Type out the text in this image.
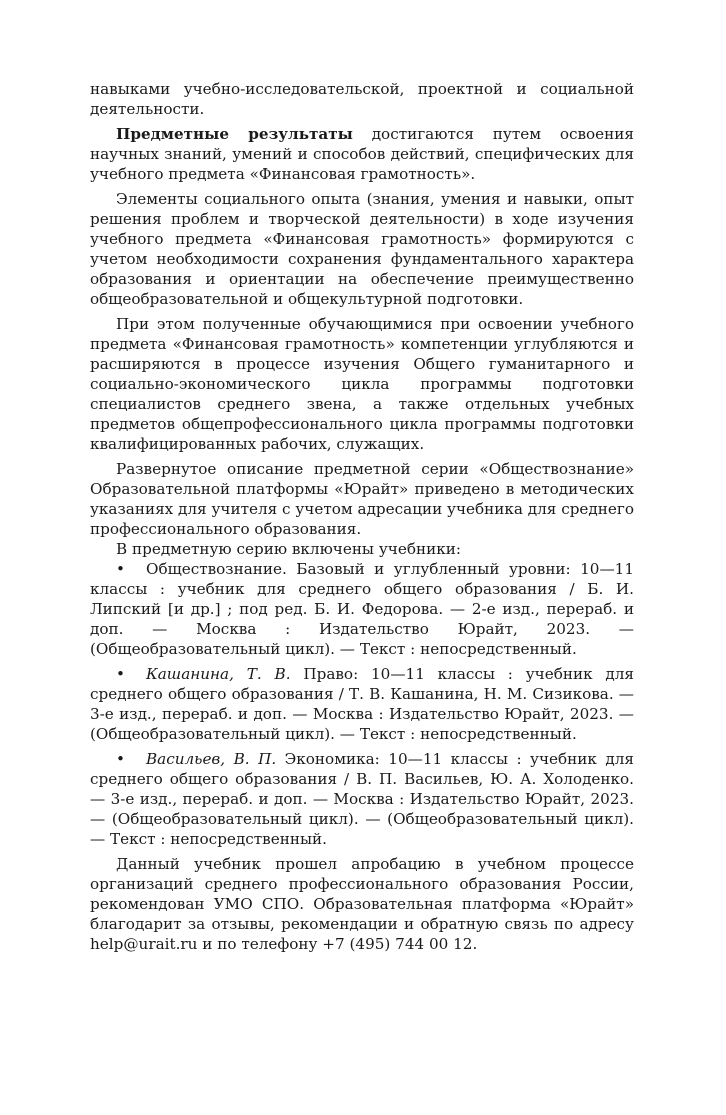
навыками учебно-исследовательской, проектной и социальной деятельности.

Предметные результаты достигаются путем освоения научных знаний, умений и способов действий, специфических для учебного предмета «Финансовая грамотность».

Элементы социального опыта (знания, умения и навыки, опыт решения проблем и творческой деятельности) в ходе изучения учебного предмета «Финансовая грамотность» формируются с учетом необходимости сохранения фундаментального характера образования и ориентации на обеспечение преимущественно общеобразовательной и общекультурной подготовки.

При этом полученные обучающимися при освоении учебного предмета «Финансовая грамотность» компетенции углубляются и расширяются в процессе изучения Общего гуманитарного и социально-экономического цикла программы подготовки специалистов среднего звена, а также отдельных учебных предметов общепрофессионального цикла программы подготовки квалифицированных рабочих, служащих.

Развернутое описание предметной серии «Обществознание» Образовательной платформы «Юрайт» приведено в методических указаниях для учителя с учетом адресации учебника для среднего профессионального образования.

В предметную серию включены учебники:

• Обществознание. Базовый и углубленный уровни: 10—11 классы : учебник для среднего общего образования / Б. И. Липский [и др.] ; под ред. Б. И. Федорова. — 2-е изд., перераб. и доп. — Москва : Издательство Юрайт, 2023. — (Общеобразовательный цикл). — Текст : непосредственный.

• Кашанина, Т. В. Право: 10—11 классы : учебник для среднего общего образования / Т. В. Кашанина, Н. М. Сизикова. — 3-е изд., перераб. и доп. — Москва : Издательство Юрайт, 2023. — (Общеобразовательный цикл). — Текст : непосредственный.

• Васильев, В. П. Экономика: 10—11 классы : учебник для среднего общего образования / В. П. Васильев, Ю. А. Холоденко. — 3-е изд., перераб. и доп. — Москва : Издательство Юрайт, 2023. — (Общеобразовательный цикл). — (Общеобразовательный цикл). — Текст : непосредственный.

Данный учебник прошел апробацию в учебном процессе организаций среднего профессионального образования России, рекомендован УМО СПО. Образовательная платформа «Юрайт» благодарит за отзывы, рекомендации и обратную связь по адресу help@urait.ru и по телефону +7 (495) 744 00 12.
